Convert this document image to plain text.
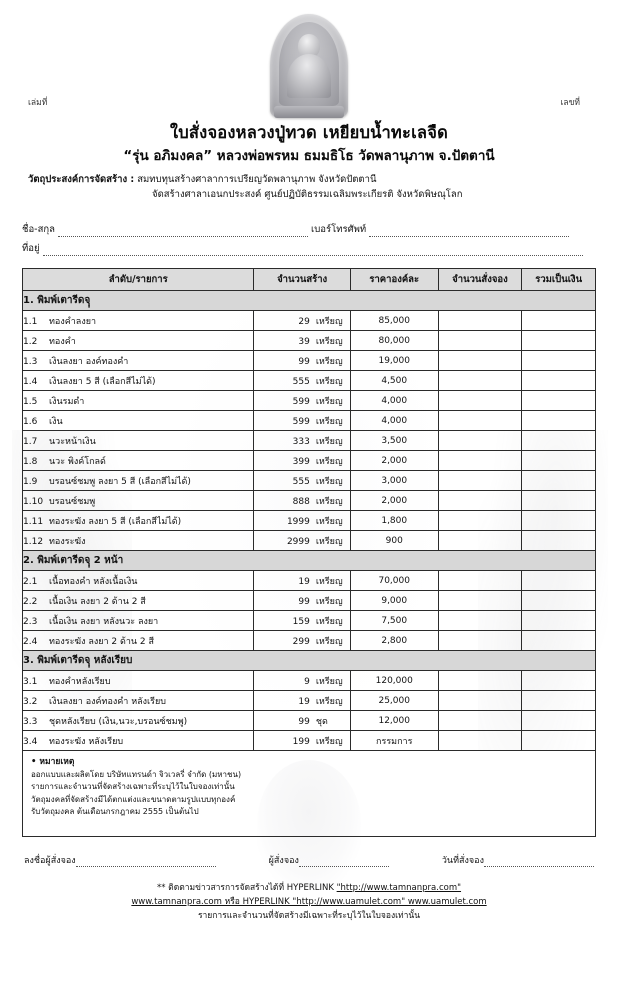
เล่มที่	เลขที่
ใบสั่งจองหลวงปู่ทวด เหยียบน้ำทะเลจืด
“รุ่น อภิมงคล” หลวงพ่อพรหม ธมมธิโธ วัดพลานุภาพ จ.ปัตตานี
วัตถุประสงค์การจัดสร้าง : สมทบทุนสร้างศาลาการเปรียญวัดพลานุภาพ จังหวัดปัตตานี
จัดสร้างศาลาเอนกประสงค์ ศูนย์ปฏิบัติธรรมเฉลิมพระเกียรติ จังหวัดพิษณุโลก
ชื่อ-สกุล	เบอร์โทรศัพท์
ที่อยู่
ลำดับ/รายการ	จำนวนสร้าง	ราคาองค์ละ	จำนวนสั่งจอง	รวมเป็นเงิน
1. พิมพ์เตารีดจฺฺฺ				
1.1 ทองคำลงยา	29 เหรียญ	85,000		
1.2 ทองคำ	39 เหรียญ	80,000		
1.3 เงินลงยา องค์ทองคำ	99 เหรียญ	19,000		
1.4 เงินลงยา 5 สี (เลือกสีไม่ได้)	555 เหรียญ	4,500		
1.5 เงินรมดำ	599 เหรียญ	4,000		
1.6 เงิน	599 เหรียญ	4,000		
1.7 นวะหน้าเงิน	333 เหรียญ	3,500		
1.8 นวะ พิงค์โกลด์	399 เหรียญ	2,000		
1.9 บรอนซ์ชมพู ลงยา 5 สี (เลือกสีไม่ได้)	555 เหรียญ	3,000		
1.10 บรอนซ์ชมพู	888 เหรียญ	2,000		
1.11 ทองระฆัง ลงยา 5 สี (เลือกสีไม่ได้)	1999 เหรียญ	1,800		
1.12 ทองระฆัง	2999 เหรียญ	900		
2. พิมพ์เตารีดจฺฺฺ 2 หน้า				
2.1 เนื้อทองคำ หลังเนื้อเงิน	19 เหรียญ	70,000		
2.2 เนื้อเงิน ลงยา 2 ด้าน 2 สี	99 เหรียญ	9,000		
2.3 เนื้อเงิน ลงยา หลังนวะ ลงยา	159 เหรียญ	7,500		
2.4 ทองระฆัง ลงยา 2 ด้าน 2 สี	299 เหรียญ	2,800		
3. พิมพ์เตารีดจฺฺฺ หลังเรียบ				
3.1 ทองคำหลังเรียบ	9 เหรียญ	120,000		
3.2 เงินลงยา องค์ทองคำ หลังเรียบ	19 เหรียญ	25,000		
3.3 ชุดหลังเรียบ (เงิน,นวะ,บรอนซ์ชมพู)	99 ชุด	12,000		
3.4 ทองระฆัง หลังเรียบ	199 เหรียญ	กรรมการ		
• หมายเหตุ
ออกแบบและผลิตโดย บริษัทแทรนด์า จิวเวลรี่ จำกัด (มหาชน)
รายการและจำนวนที่จัดสร้างเฉพาะที่ระบุไว้ในใบจองเท่านั้น
วัตถุมงคลที่จัดสร้างมีได้ตกแต่งและขนาดตามรูปแบบทุกองค์
รับวัตถุมงคล ต้นเดือนกรกฎาคม 2555 เป็นต้นไป
ลงชื่อผู้สั่งจอง	ผู้สั่งจอง	วันที่สั่งจอง
** ติดตามข่าวสารการจัดสร้างได้ที่ HYPERLINK "http://www.tamnanpra.com"
www.tamnanpra.com หรือ HYPERLINK "http://www.uamulet.com" www.uamulet.com
รายการและจำนวนที่จัดสร้างมีเฉพาะที่ระบุไว้ในใบจองเท่านั้น
